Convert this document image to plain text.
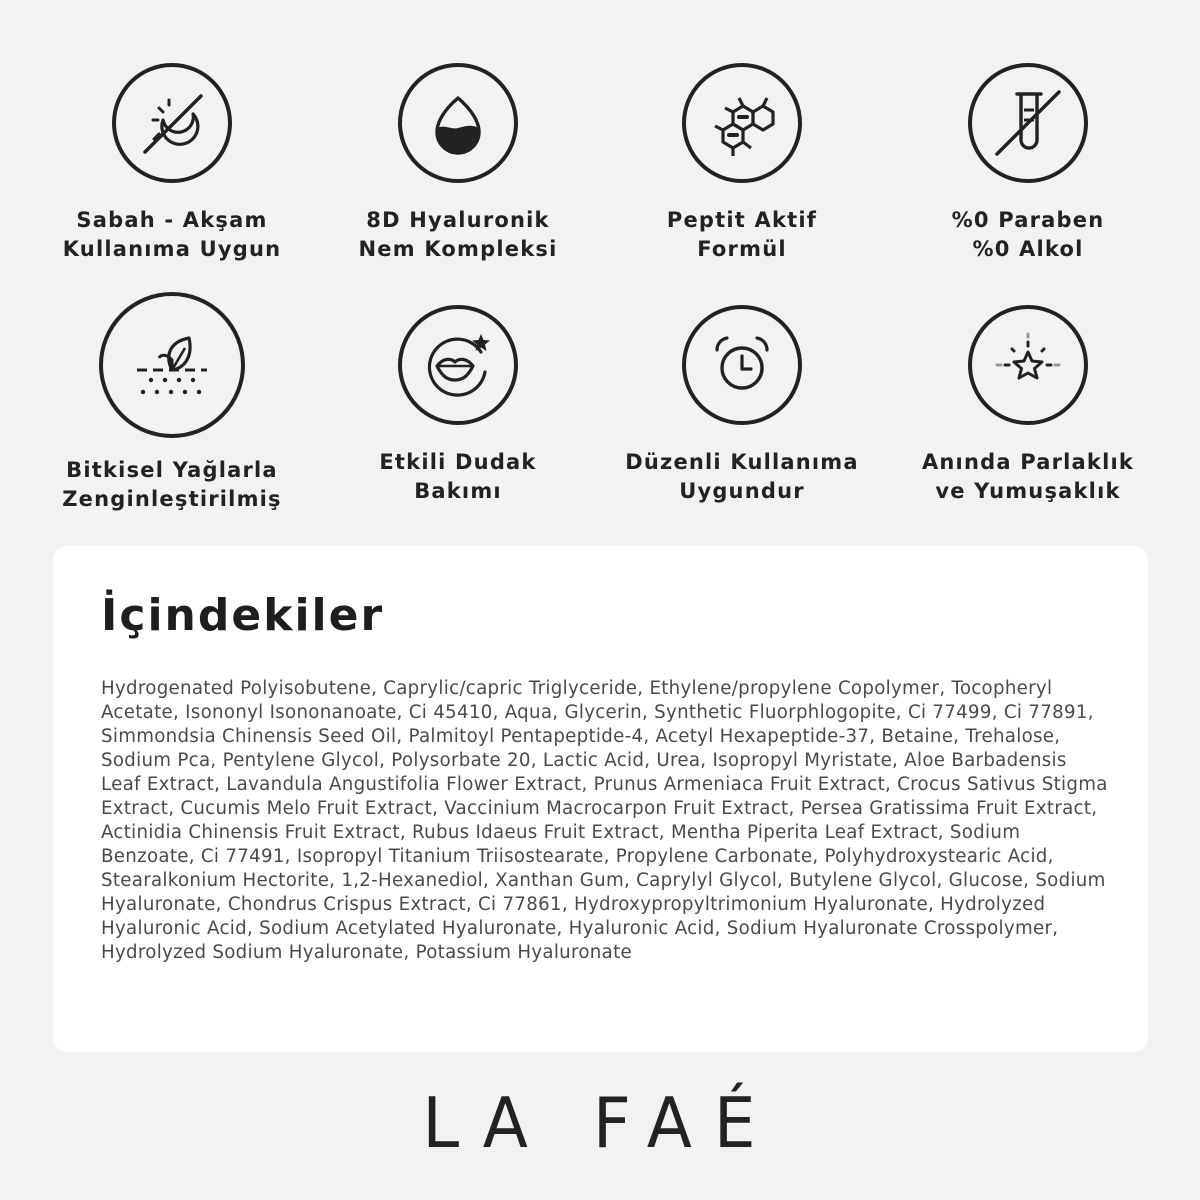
Sabah - Akşam
Kullanıma Uygun
8D Hyaluronik
Nem Kompleksi
Peptit Aktif
Formül
%0 Paraben
%0 Alkol
Bitkisel Yağlarla
Zenginleştirilmiş
Etkili Dudak
Bakımı
Düzenli Kullanıma
Uygundur
Anında Parlaklık
ve Yumuşaklık
İçindekiler
Hydrogenated Polyisobutene, Caprylic/capric Triglyceride, Ethylene/propylene Copolymer, Tocopheryl Acetate, Isononyl Isononanoate, Ci 45410, Aqua, Glycerin, Synthetic Fluorphlogopite, Ci 77499, Ci 77891, Simmondsia Chinensis Seed Oil, Palmitoyl Pentapeptide-4, Acetyl Hexapeptide-37, Betaine, Trehalose, Sodium Pca, Pentylene Glycol, Polysorbate 20, Lactic Acid, Urea, Isopropyl Myristate, Aloe Barbadensis Leaf Extract, Lavandula Angustifolia Flower Extract, Prunus Armeniaca Fruit Extract, Crocus Sativus Stigma Extract, Cucumis Melo Fruit Extract, Vaccinium Macrocarpon Fruit Extract, Persea Gratissima Fruit Extract, Actinidia Chinensis Fruit Extract, Rubus Idaeus Fruit Extract, Mentha Piperita Leaf Extract, Sodium Benzoate, Ci 77491, Isopropyl Titanium Triisostearate, Propylene Carbonate, Polyhydroxystearic Acid, Stearalkonium Hectorite, 1,2-Hexanediol, Xanthan Gum, Caprylyl Glycol, Butylene Glycol, Glucose, Sodium Hyaluronate, Chondrus Crispus Extract, Ci 77861, Hydroxypropyltrimonium Hyaluronate, Hydrolyzed Hyaluronic Acid, Sodium Acetylated Hyaluronate, Hyaluronic Acid, Sodium Hyaluronate Crosspolymer, Hydrolyzed Sodium Hyaluronate, Potassium Hyaluronate
LA FAÉ
